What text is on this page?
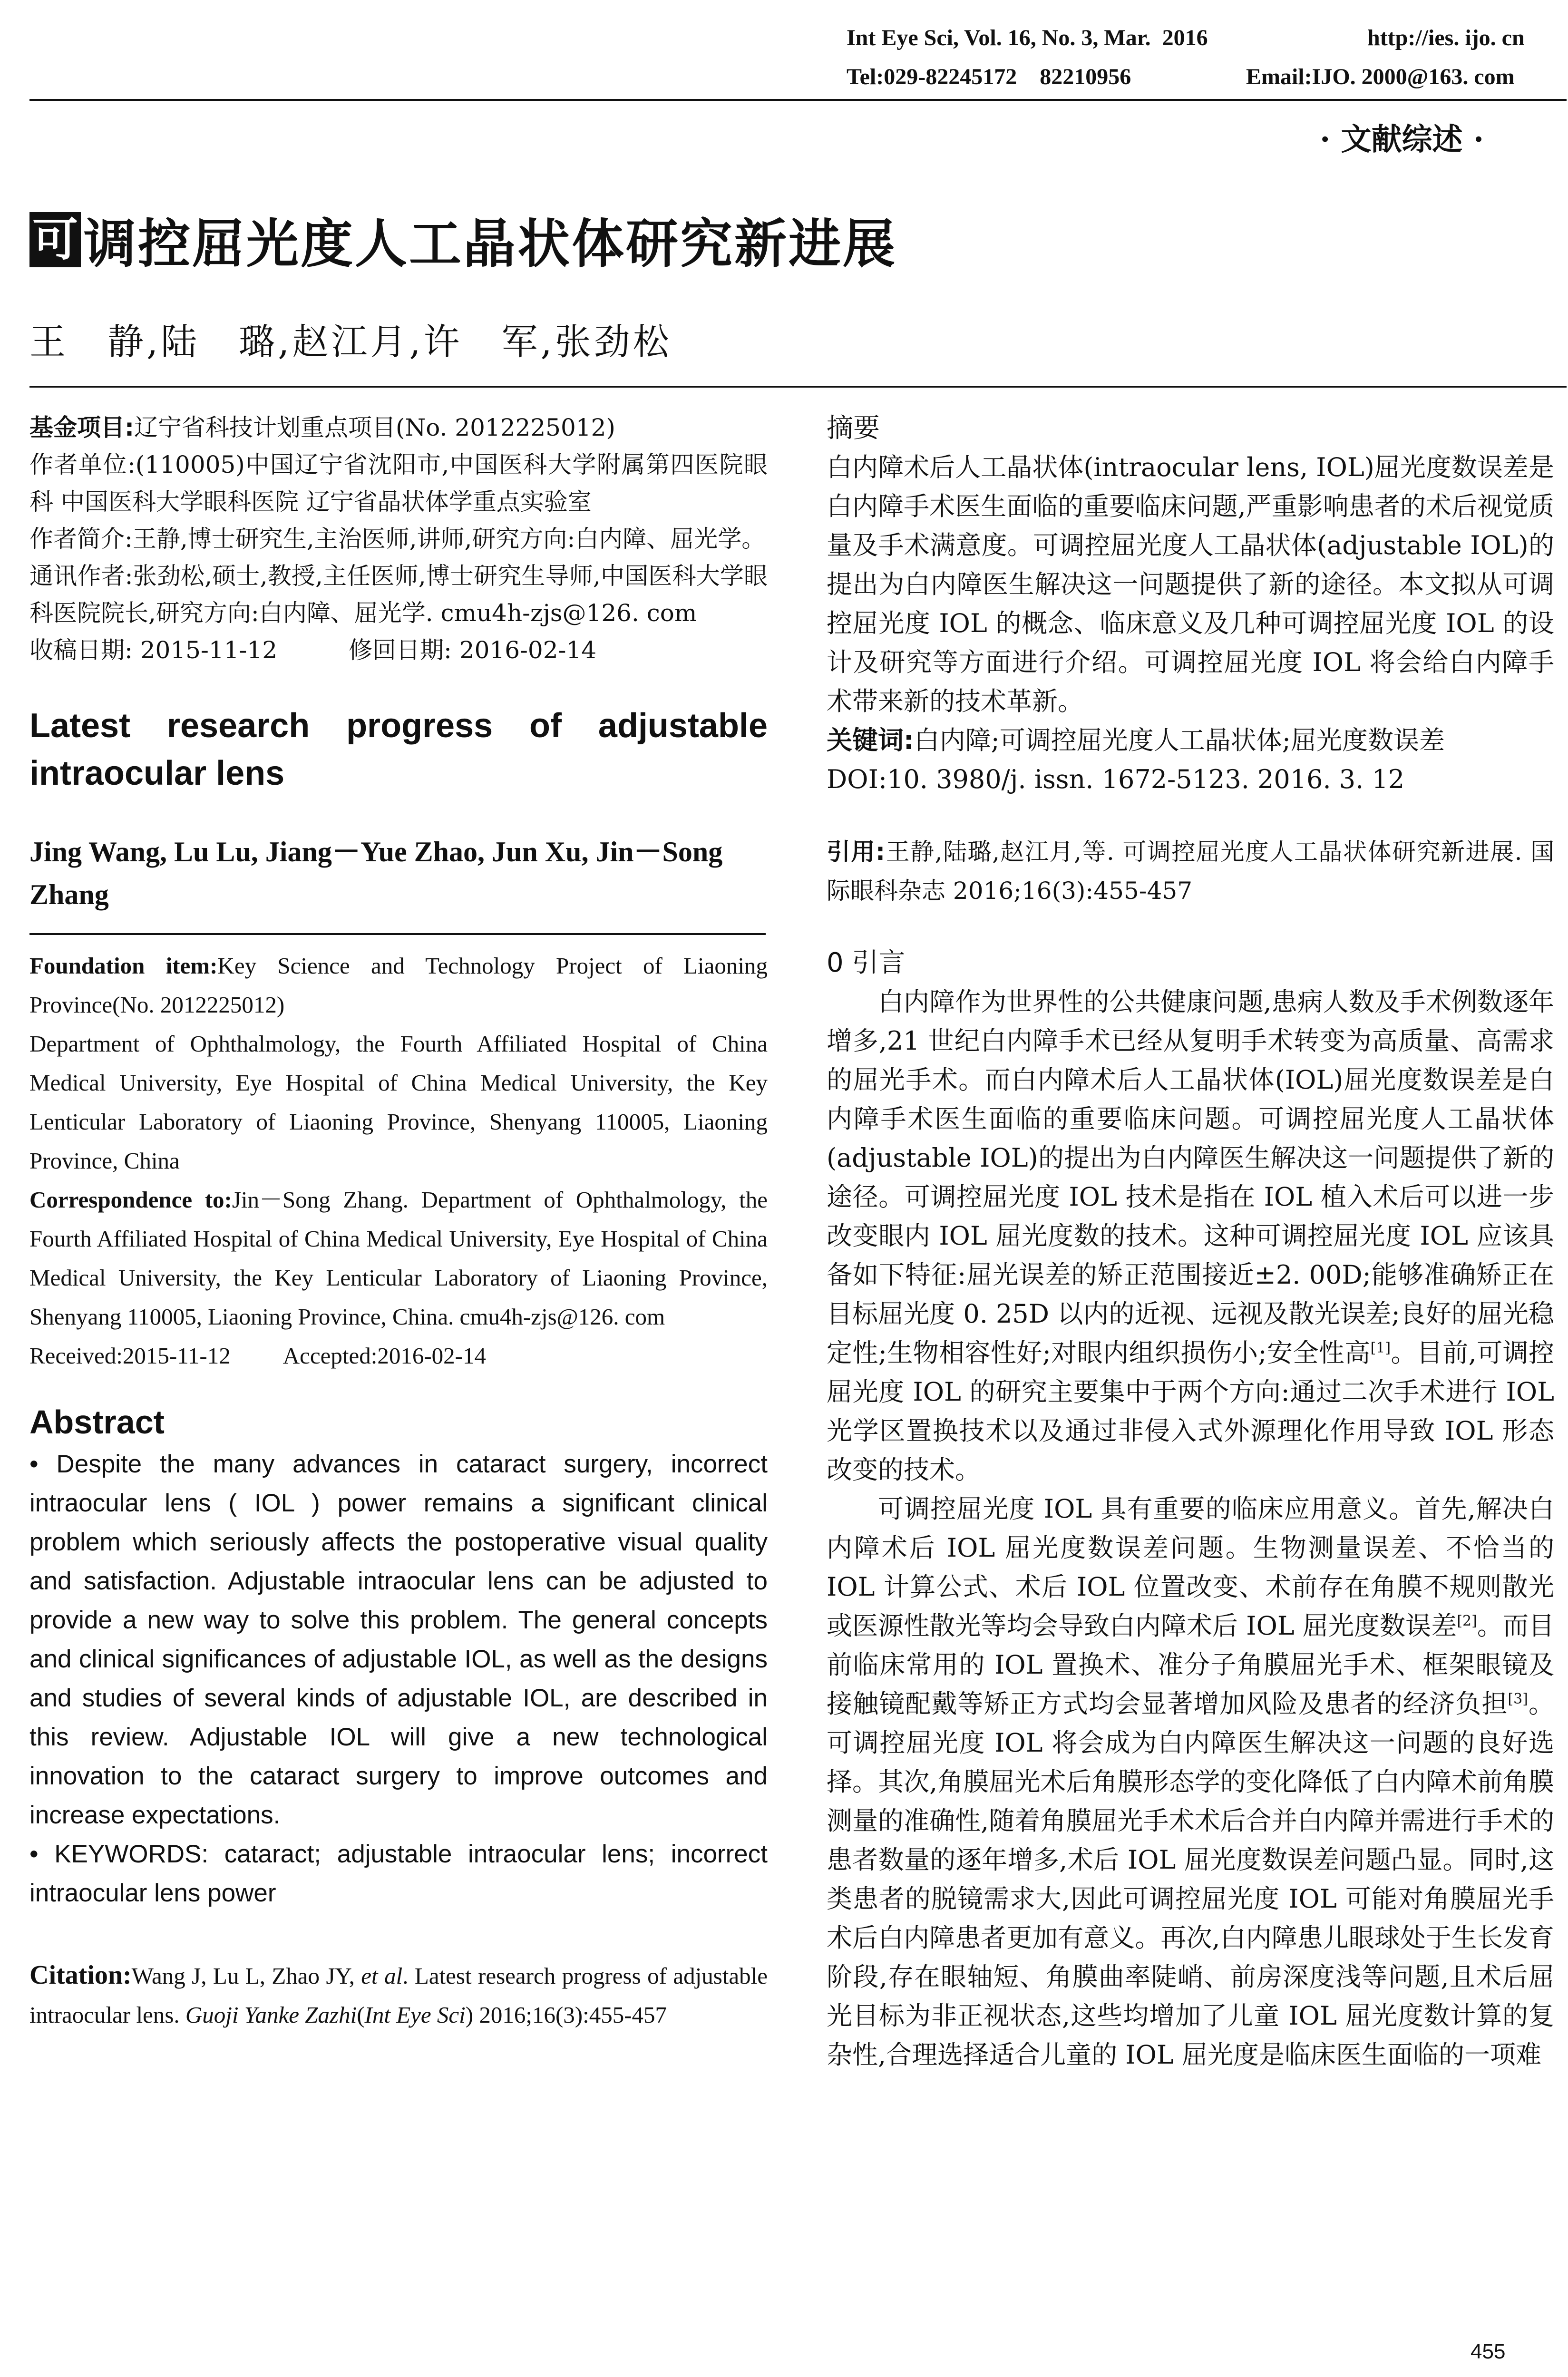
Int Eye Sci, Vol. 16, No. 3, Mar.  2016	http://ies. ijo. cn
Tel:029-82245172    82210956	Email:IJO. 2000@163. com
· 文献综述 ·
可 调控屈光度人工晶状体研究新进展
王　静,陆　璐,赵江月,许　军,张劲松

基金项目:辽宁省科技计划重点项目(No. 2012225012)

作者单位:(110005)中国辽宁省沈阳市,中国医科大学附属第四医院眼科 中国医科大学眼科医院 辽宁省晶状体学重点实验室

作者简介:王静,博士研究生,主治医师,讲师,研究方向:白内障、屈光学。

通讯作者:张劲松,硕士,教授,主任医师,博士研究生导师,中国医科大学眼科医院院长,研究方向:白内障、屈光学. cmu4h-zjs@126. com

收稿日期: 2015-11-12	修回日期: 2016-02-14

Latest research progress of adjustable intraocular lens

Jing Wang, Lu Lu, Jiang－Yue Zhao, Jun Xu, Jin－Song Zhang

Foundation item:Key Science and Technology Project of Liaoning Province(No. 2012225012)

Department of Ophthalmology, the Fourth Affiliated Hospital of China Medical University, Eye Hospital of China Medical University, the Key Lenticular Laboratory of Liaoning Province, Shenyang 110005, Liaoning Province, China

Correspondence to:Jin－Song Zhang. Department of Ophthalmology, the Fourth Affiliated Hospital of China Medical University, Eye Hospital of China Medical University, the Key Lenticular Laboratory of Liaoning Province, Shenyang 110005, Liaoning Province, China. cmu4h-zjs@126. com

Received:2015-11-12 Accepted:2016-02-14

Abstract

• Despite the many advances in cataract surgery, incorrect intraocular lens ( IOL ) power remains a significant clinical problem which seriously affects the postoperative visual quality and satisfaction. Adjustable intraocular lens can be adjusted to provide a new way to solve this problem. The general concepts and clinical significances of adjustable IOL, as well as the designs and studies of several kinds of adjustable IOL, are described in this review. Adjustable IOL will give a new technological innovation to the cataract surgery to improve outcomes and increase expectations.

• KEYWORDS: cataract; adjustable intraocular lens; incorrect intraocular lens power

Citation:Wang J, Lu L, Zhao JY, et al. Latest research progress of adjustable intraocular lens. Guoji Yanke Zazhi(Int Eye Sci) 2016;16(3):455-457

摘要

白内障术后人工晶状体(intraocular lens, IOL)屈光度数误差是白内障手术医生面临的重要临床问题,严重影响患者的术后视觉质量及手术满意度。可调控屈光度人工晶状体(adjustable IOL)的提出为白内障医生解决这一问题提供了新的途径。本文拟从可调控屈光度 IOL 的概念、临床意义及几种可调控屈光度 IOL 的设计及研究等方面进行介绍。可调控屈光度 IOL 将会给白内障手术带来新的技术革新。

关键词:白内障;可调控屈光度人工晶状体;屈光度数误差

DOI:10. 3980/j. issn. 1672-5123. 2016. 3. 12

引用:王静,陆璐,赵江月,等. 可调控屈光度人工晶状体研究新进展. 国际眼科杂志 2016;16(3):455-457

0 引言

白内障作为世界性的公共健康问题,患病人数及手术例数逐年增多,21 世纪白内障手术已经从复明手术转变为高质量、高需求的屈光手术。而白内障术后人工晶状体(IOL)屈光度数误差是白内障手术医生面临的重要临床问题。可调控屈光度人工晶状体(adjustable IOL)的提出为白内障医生解决这一问题提供了新的途径。可调控屈光度 IOL 技术是指在 IOL 植入术后可以进一步改变眼内 IOL 屈光度数的技术。这种可调控屈光度 IOL 应该具备如下特征:屈光误差的矫正范围接近±2. 00D;能够准确矫正在目标屈光度 0. 25D 以内的近视、远视及散光误差;良好的屈光稳定性;生物相容性好;对眼内组织损伤小;安全性高[1]。目前,可调控屈光度 IOL 的研究主要集中于两个方向:通过二次手术进行 IOL 光学区置换技术以及通过非侵入式外源理化作用导致 IOL 形态改变的技术。

可调控屈光度 IOL 具有重要的临床应用意义。首先,解决白内障术后 IOL 屈光度数误差问题。生物测量误差、不恰当的 IOL 计算公式、术后 IOL 位置改变、术前存在角膜不规则散光或医源性散光等均会导致白内障术后 IOL 屈光度数误差[2]。而目前临床常用的 IOL 置换术、准分子角膜屈光手术、框架眼镜及接触镜配戴等矫正方式均会显著增加风险及患者的经济负担[3]。可调控屈光度 IOL 将会成为白内障医生解决这一问题的良好选择。其次,角膜屈光术后角膜形态学的变化降低了白内障术前角膜测量的准确性,随着角膜屈光手术术后合并白内障并需进行手术的患者数量的逐年增多,术后 IOL 屈光度数误差问题凸显。同时,这类患者的脱镜需求大,因此可调控屈光度 IOL 可能对角膜屈光手术后白内障患者更加有意义。再次,白内障患儿眼球处于生长发育阶段,存在眼轴短、角膜曲率陡峭、前房深度浅等问题,且术后屈光目标为非正视状态,这些均增加了儿童 IOL 屈光度数计算的复杂性,合理选择适合儿童的 IOL 屈光度是临床医生面临的一项难

455
